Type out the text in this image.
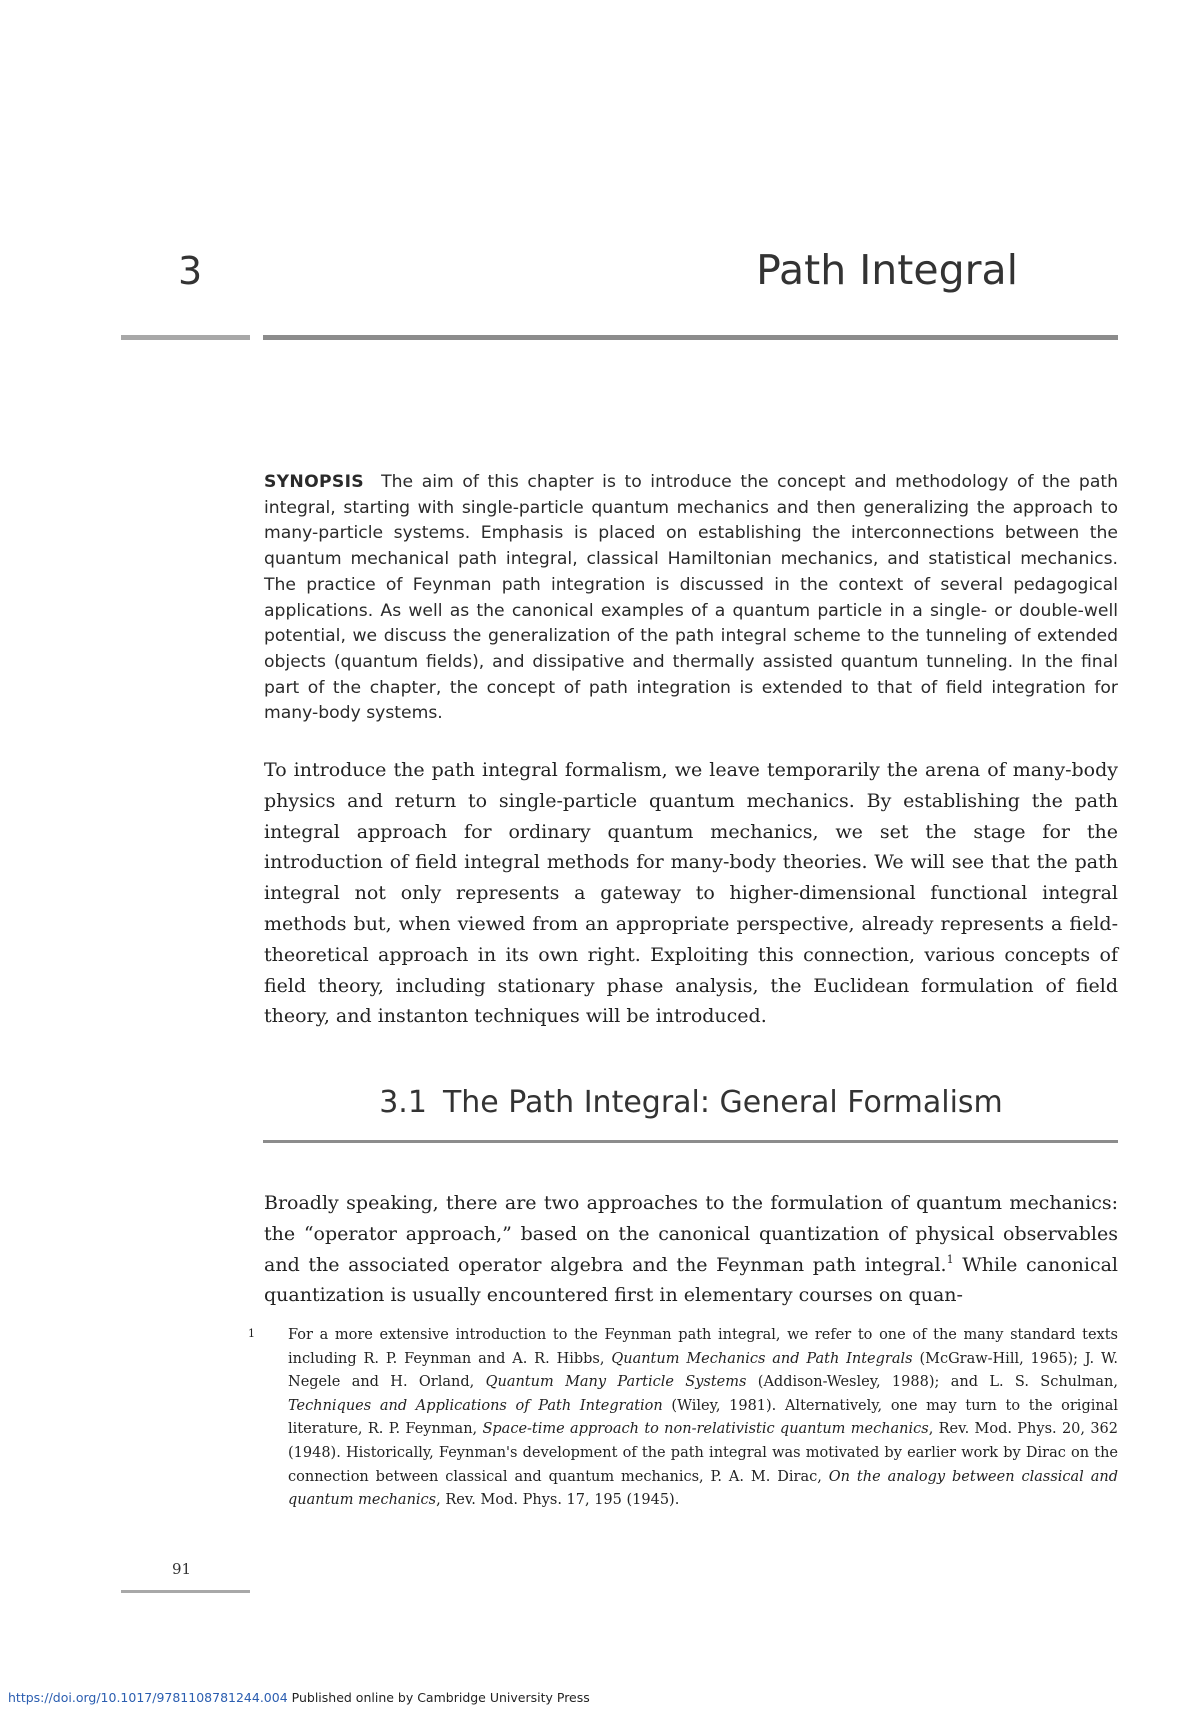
3	Path Integral
SYNOPSIS The aim of this chapter is to introduce the concept and methodology of the path integral, starting with single-particle quantum mechanics and then generalizing the approach to many-particle systems. Emphasis is placed on establishing the interconnections between the quantum mechanical path integral, classical Hamiltonian mechanics, and statistical mechanics. The practice of Feynman path integration is discussed in the context of several pedagogical applications. As well as the canonical examples of a quantum particle in a single- or double-well potential, we discuss the generalization of the path integral scheme to the tunneling of extended objects (quantum fields), and dissipative and thermally assisted quantum tunneling. In the final part of the chapter, the concept of path integration is extended to that of field integration for many-body systems.
To introduce the path integral formalism, we leave temporarily the arena of many-body physics and return to single-particle quantum mechanics. By establishing the path integral approach for ordinary quantum mechanics, we set the stage for the introduction of field integral methods for many-body theories. We will see that the path integral not only represents a gateway to higher-dimensional functional integral methods but, when viewed from an appropriate perspective, already represents a field-theoretical approach in its own right. Exploiting this connection, various concepts of field theory, including stationary phase analysis, the Euclidean formulation of field theory, and instanton techniques will be introduced.
3.1 The Path Integral: General Formalism
Broadly speaking, there are two approaches to the formulation of quantum mechanics: the “operator approach,” based on the canonical quantization of physical observables and the associated operator algebra and the Feynman path integral.$^1$ While canonical quantization is usually encountered first in elementary courses on quan-
1	For a more extensive introduction to the Feynman path integral, we refer to one of the many standard texts including R. P. Feynman and A. R. Hibbs, Quantum Mechanics and Path Integrals (McGraw-Hill, 1965); J. W. Negele and H. Orland, Quantum Many Particle Systems (Addison-Wesley, 1988); and L. S. Schulman, Techniques and Applications of Path Integration (Wiley, 1981). Alternatively, one may turn to the original literature, R. P. Feynman, Space-time approach to non-relativistic quantum mechanics, Rev. Mod. Phys. 20, 362 (1948). Historically, Feynman's development of the path integral was motivated by earlier work by Dirac on the connection between classical and quantum mechanics, P. A. M. Dirac, On the analogy between classical and quantum mechanics, Rev. Mod. Phys. 17, 195 (1945).
91
https://doi.org/10.1017/9781108781244.004 Published online by Cambridge University Press
